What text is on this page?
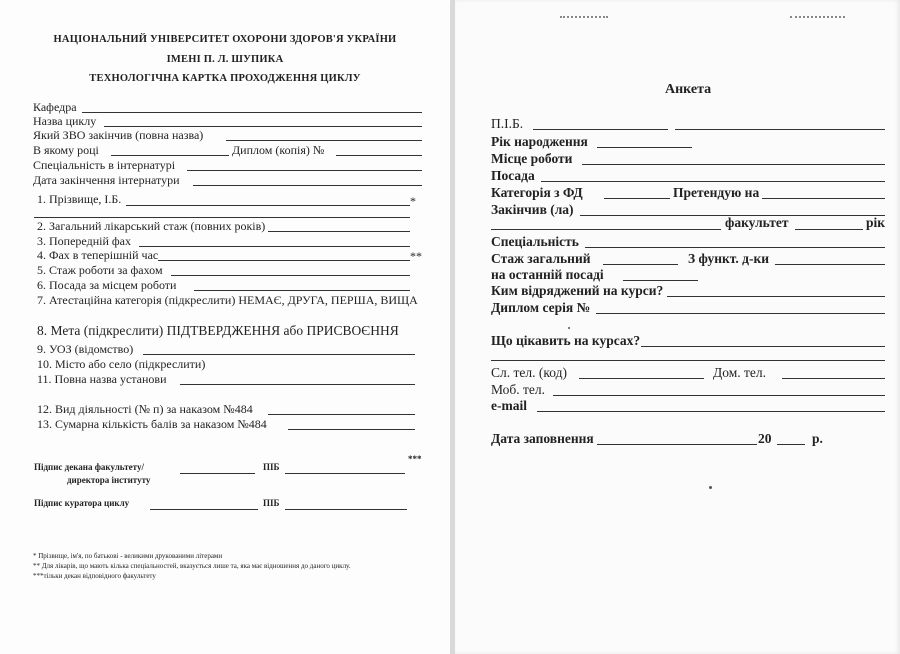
НАЦІОНАЛЬНИЙ УНІВЕРСИТЕТ ОХОРОНИ ЗДОРОВ'Я УКРАЇНИ
ІМЕНІ П. Л. ШУПИКА
ТЕХНОЛОГІЧНА КАРТКА ПРОХОДЖЕННЯ ЦИКЛУ
Кафедра
Назва циклу
Який ЗВО закінчив (повна назва)
В якому році	Диплом (копія) №
Спеціальність в інтернатурі
Дата закінчення інтернатури
1. Прізвище, І.Б.	*
2. Загальний лікарський стаж (повних років)
3. Попередній фах
4. Фах в теперішній час	**
5. Стаж роботи за фахом
6. Посада за місцем роботи
7. Атестаційна категорія (підкреслити) НЕМАЄ, ДРУГА, ПЕРША, ВИЩА
8. Мета (підкреслити) ПІДТВЕРДЖЕННЯ або ПРИСВОЄННЯ
9. УОЗ (відомство)
10. Місто або село (підкреслити)
11. Повна назва установи
12. Вид діяльності (№ п) за наказом №484
13. Сумарна кількість балів за наказом №484
Підпис декана факультету/	ПІБ
***
директора інституту
Підпис куратора циклу	ПІБ
* Прізвище, ім'я, по батькові - великими друкованими літерами
** Для лікарів, що мають кілька спеціальностей, вказується лише та, яка має відношення до даного циклу.
***тільки декан відповідного факультету
Анкета
П.І.Б.
Рік народження
Місце роботи
Посада
Категорія з ФД	Претендую на
Закінчив (ла)
факультет	рік
Спеціальність
Стаж загальний	З функт. д-ки
на останній посаді
Ким відряджений на курси?
Диплом серія №
Що цікавить на курсах?
Сл. тел. (код)	Дом. тел.
Моб. тел.
e-mail
Дата заповнення	20	р.
